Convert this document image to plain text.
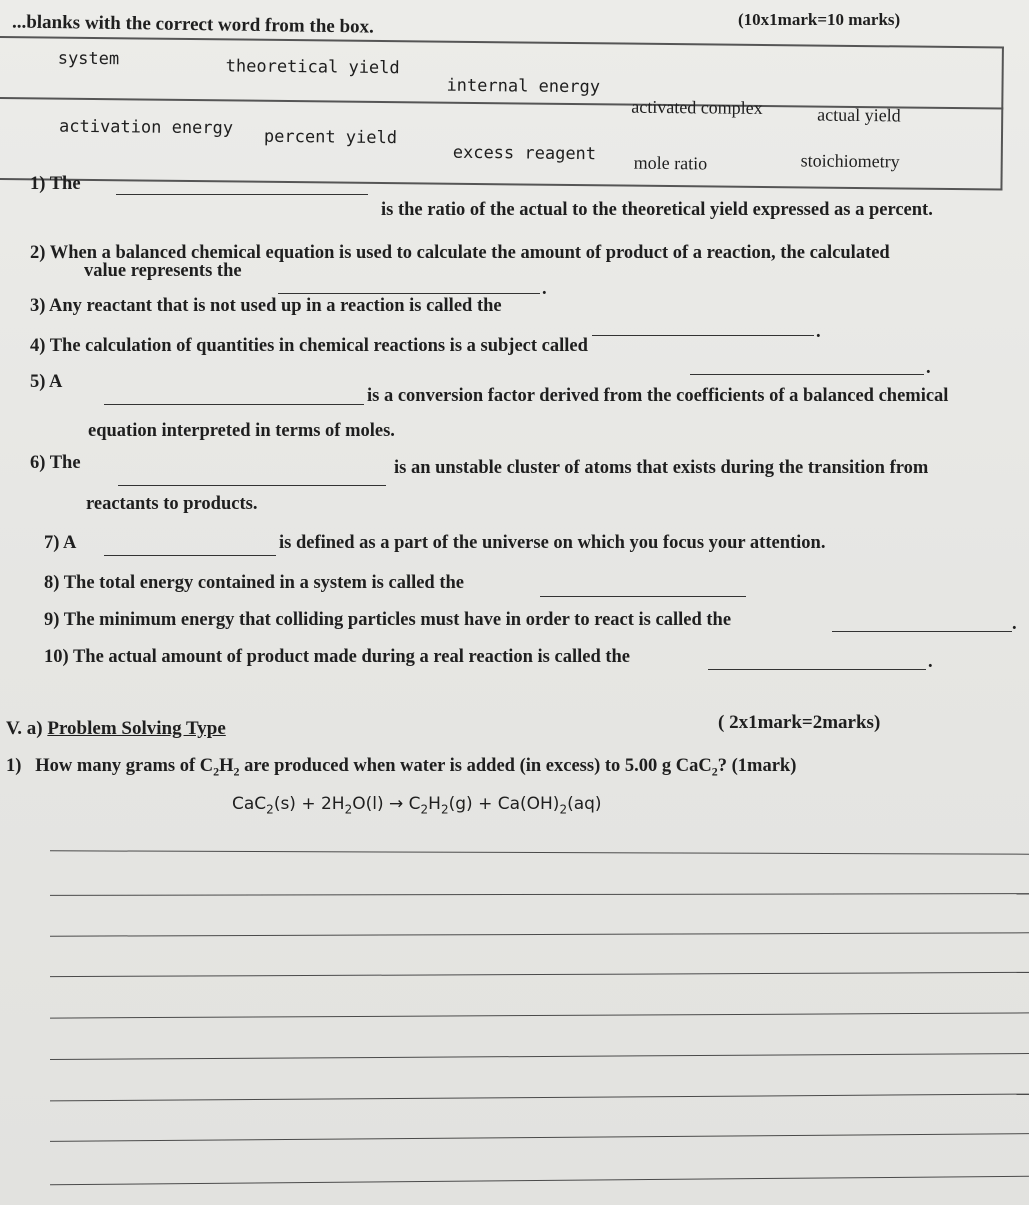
...blanks with the correct word from the box.	(10x1mark=10 marks)
system	theoretical yield
internal energy
activated complex	actual yield
activation energy percent yield
excess reagent mole ratio	stoichiometry
1) The
is the ratio of the actual to the theoretical yield expressed as a percent.
2) When a balanced chemical equation is used to calculate the amount of product of a reaction, the calculated
value represents the
.
3) Any reactant that is not used up in a reaction is called the
.
4) The calculation of quantities in chemical reactions is a subject called
.
5) A
is a conversion factor derived from the coefficients of a balanced chemical
equation interpreted in terms of moles.
6) The	is an unstable cluster of atoms that exists during the transition from
reactants to products.
7) A	is defined as a part of the universe on which you focus your attention.
8) The total energy contained in a system is called the
9) The minimum energy that colliding particles must have in order to react is called the	.
10) The actual amount of product made during a real reaction is called the	.
V. a) Problem Solving Type	( 2x1mark=2marks)
1) How many grams of $C_2H_2$ are produced when water is added (in excess) to 5.00 g CaC$_2$? (1mark)
$CaC_2(s) + 2H_2O(l) \to C_2H_2(g) + Ca(OH)_2(aq)$
